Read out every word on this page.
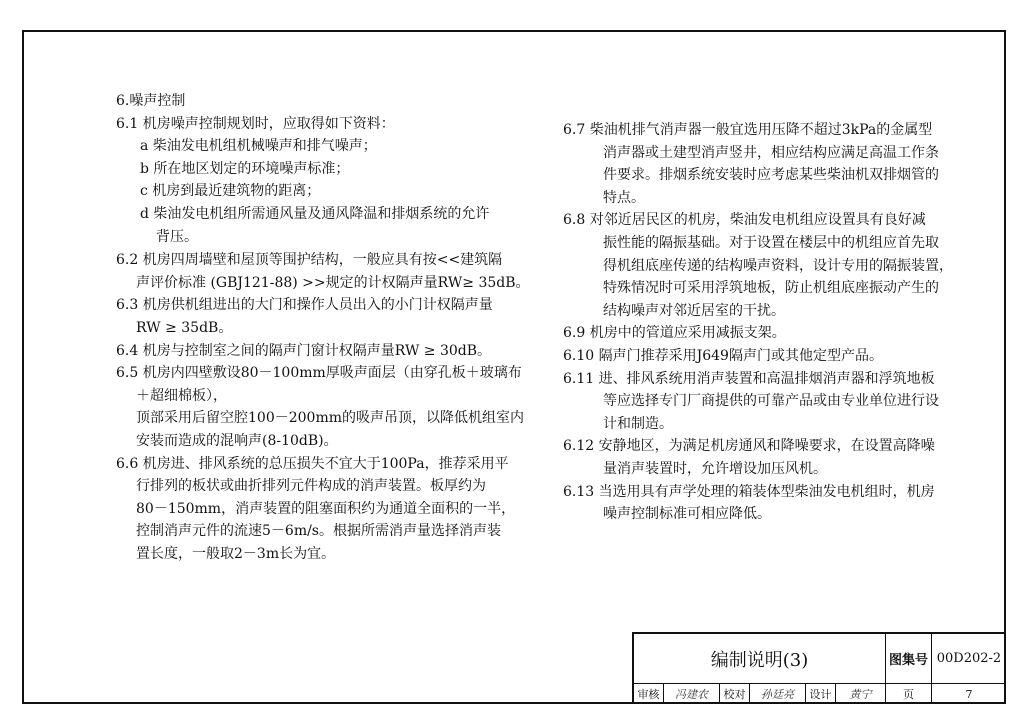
6.噪声控制
6.1 机房噪声控制规划时，应取得如下资料：
a 柴油发电机组机械噪声和排气噪声；
b 所在地区划定的环境噪声标准；
c 机房到最近建筑物的距离；
d 柴油发电机组所需通风量及通风降温和排烟系统的允许
背压。
6.2 机房四周墙壁和屋顶等围护结构，一般应具有按<<建筑隔
声评价标准 (GBJ121-88) >>规定的计权隔声量RW≥ 35dB。
6.3 机房供机组进出的大门和操作人员出入的小门计权隔声量
RW ≥ 35dB。
6.4 机房与控制室之间的隔声门窗计权隔声量RW ≥ 30dB。
6.5 机房内四壁敷设80－100mm厚吸声面层（由穿孔板＋玻璃布
＋超细棉板），
顶部采用后留空腔100－200mm的吸声吊顶，以降低机组室内
安装而造成的混响声(8-10dB)。
6.6 机房进、排风系统的总压损失不宜大于100Pa，推荐采用平
行排列的板状或曲折排列元件构成的消声装置。板厚约为
80－150mm，消声装置的阻塞面积约为通道全面积的一半，
控制消声元件的流速5－6m/s。根据所需消声量选择消声装
置长度，一般取2－3m长为宜。
6.7 柴油机排气消声器一般宜选用压降不超过3kPa的金属型
消声器或土建型消声竖井，相应结构应满足高温工作条
件要求。排烟系统安装时应考虑某些柴油机双排烟管的
特点。
6.8 对邻近居民区的机房，柴油发电机组应设置具有良好减
振性能的隔振基础。对于设置在楼层中的机组应首先取
得机组底座传递的结构噪声资料，设计专用的隔振装置，
特殊情况时可采用浮筑地板，防止机组底座振动产生的
结构噪声对邻近居室的干扰。
6.9 机房中的管道应采用减振支架。
6.10 隔声门推荐采用J649隔声门或其他定型产品。
6.11 进、排风系统用消声装置和高温排烟消声器和浮筑地板
等应选择专门厂商提供的可靠产品或由专业单位进行设
计和制造。
6.12 安静地区，为满足机房通风和降噪要求，在设置高降噪
量消声装置时，允许增设加压风机。
6.13 当选用具有声学处理的箱装体型柴油发电机组时，机房
噪声控制标准可相应降低。
编制说明(3)	图集号 00D202-2
审核	冯建农	校对	孙廷亮	设计	黄宁	页	7
